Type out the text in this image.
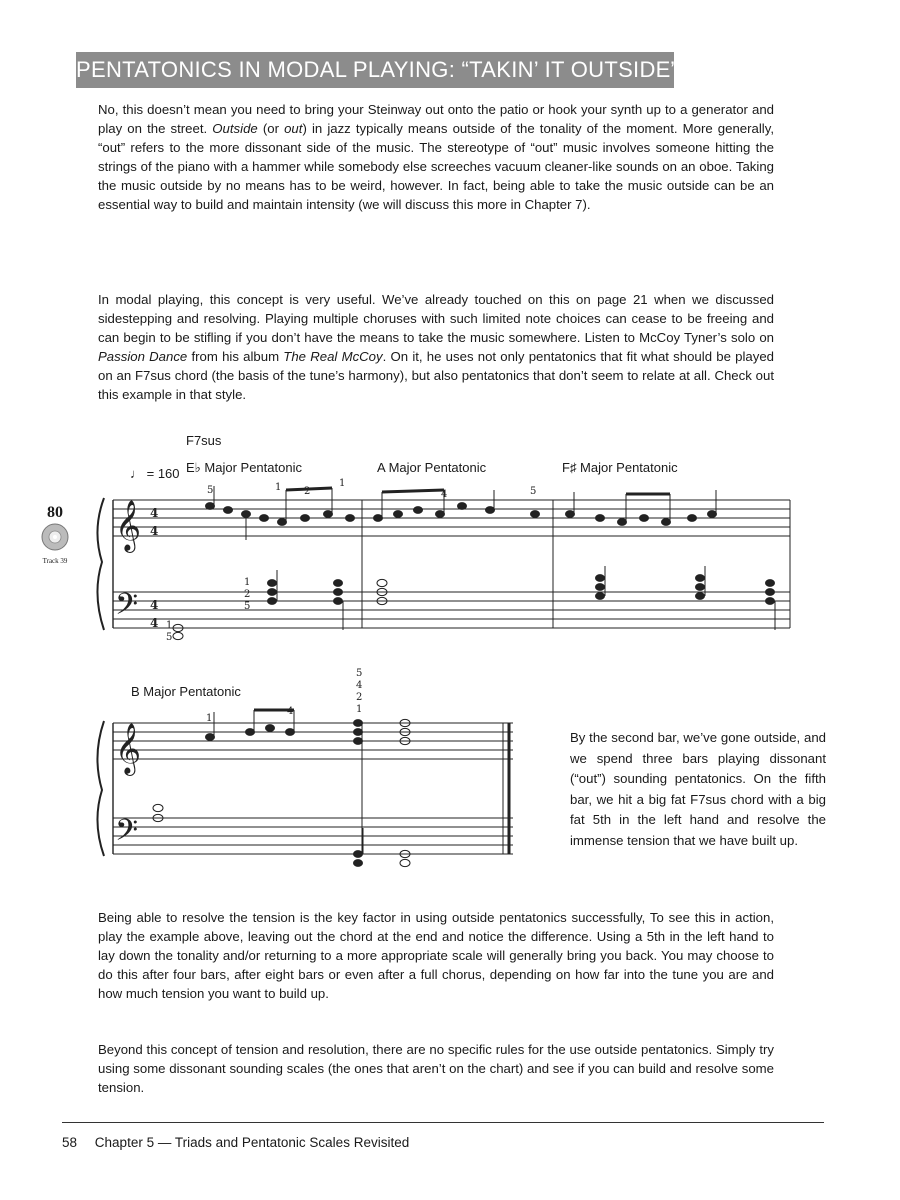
PENTATONICS IN MODAL PLAYING: “TAKIN’ IT OUTSIDE”

No, this doesn’t mean you need to bring your Steinway out onto the patio or hook your synth up to a generator and play on the street. Outside (or out) in jazz typically means outside of the tonality of the moment. More generally, “out” refers to the more dissonant side of the music. The stereotype of “out” music involves someone hitting the strings of the piano with a hammer while somebody else screeches vacuum cleaner-like sounds on an oboe. Taking the music outside by no means has to be weird, however. In fact, being able to take the music outside can be an essential way to build and maintain intensity (we will discuss this more in Chapter 7).

In modal playing, this concept is very useful. We’ve already touched on this on page 21 when we discussed sidestepping and resolving. Playing multiple choruses with such limited note choices can cease to be freeing and can begin to be stifling if you don’t have the means to take the music somewhere. Listen to McCoy Tyner’s solo on Passion Dance from his album The Real McCoy. On it, he uses not only pentatonics that fit what should be played on an F7sus chord (the basis of the tune’s harmony), but also pentatonics that don’t seem to relate at all. Check out this example in that style.

F7sus
♩ = 160 E♭ Major Pentatonic	A Major Pentatonic	F♯ Major Pentatonic
B Major Pentatonic
80
Track 39
𝄞
𝄢
𝄞
𝄢
4
4
4
4
5	1 2
1
4	5
1
4
5
4
2
1
1
5
1
2
5

By the second bar, we’ve gone outside, and we spend three bars playing dissonant (“out”) sounding pentatonics. On the fifth bar, we hit a big fat F7sus chord with a big fat 5th in the left hand and resolve the immense tension that we have built up.

Being able to resolve the tension is the key factor in using outside pentatonics successfully, To see this in action, play the example above, leaving out the chord at the end and notice the difference. Using a 5th in the left hand to lay down the tonality and/or returning to a more appropriate scale will generally bring you back. You may choose to do this after four bars, after eight bars or even after a full chorus, depending on how far into the tune you are and how much tension you want to build up.

Beyond this concept of tension and resolution, there are no specific rules for the use outside pentatonics. Simply try using some dissonant sounding scales (the ones that aren’t on the chart) and see if you can build and resolve some tension.

58 Chapter 5 — Triads and Pentatonic Scales Revisited
